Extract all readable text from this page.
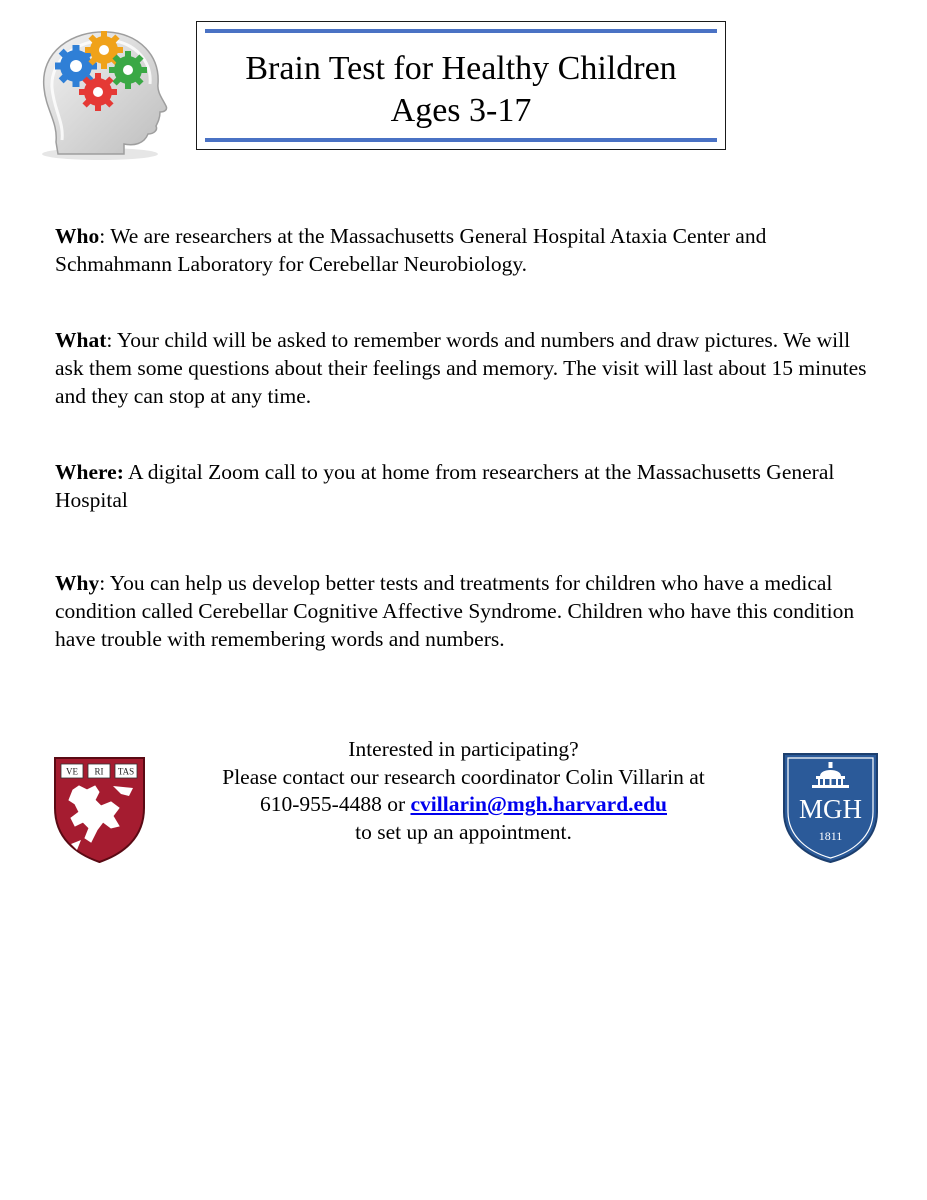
Brain Test for Healthy Children
Ages 3-17
Who: We are researchers at the Massachusetts General Hospital Ataxia Center and Schmahmann Laboratory for Cerebellar Neurobiology.
What: Your child will be asked to remember words and numbers and draw pictures. We will ask them some questions about their feelings and memory. The visit will last about 15 minutes and they can stop at any time.
Where: A digital Zoom call to you at home from researchers at the Massachusetts General Hospital
Why: You can help us develop better tests and treatments for children who have a medical condition called Cerebellar Cognitive Affective Syndrome. Children who have this condition have trouble with remembering words and numbers.
VE RI TAS
Interested in participating?
Please contact our research coordinator Colin Villarin at
610-955-4488 or cvillarin@mgh.harvard.edu
to set up an appointment.
MGH
1811
